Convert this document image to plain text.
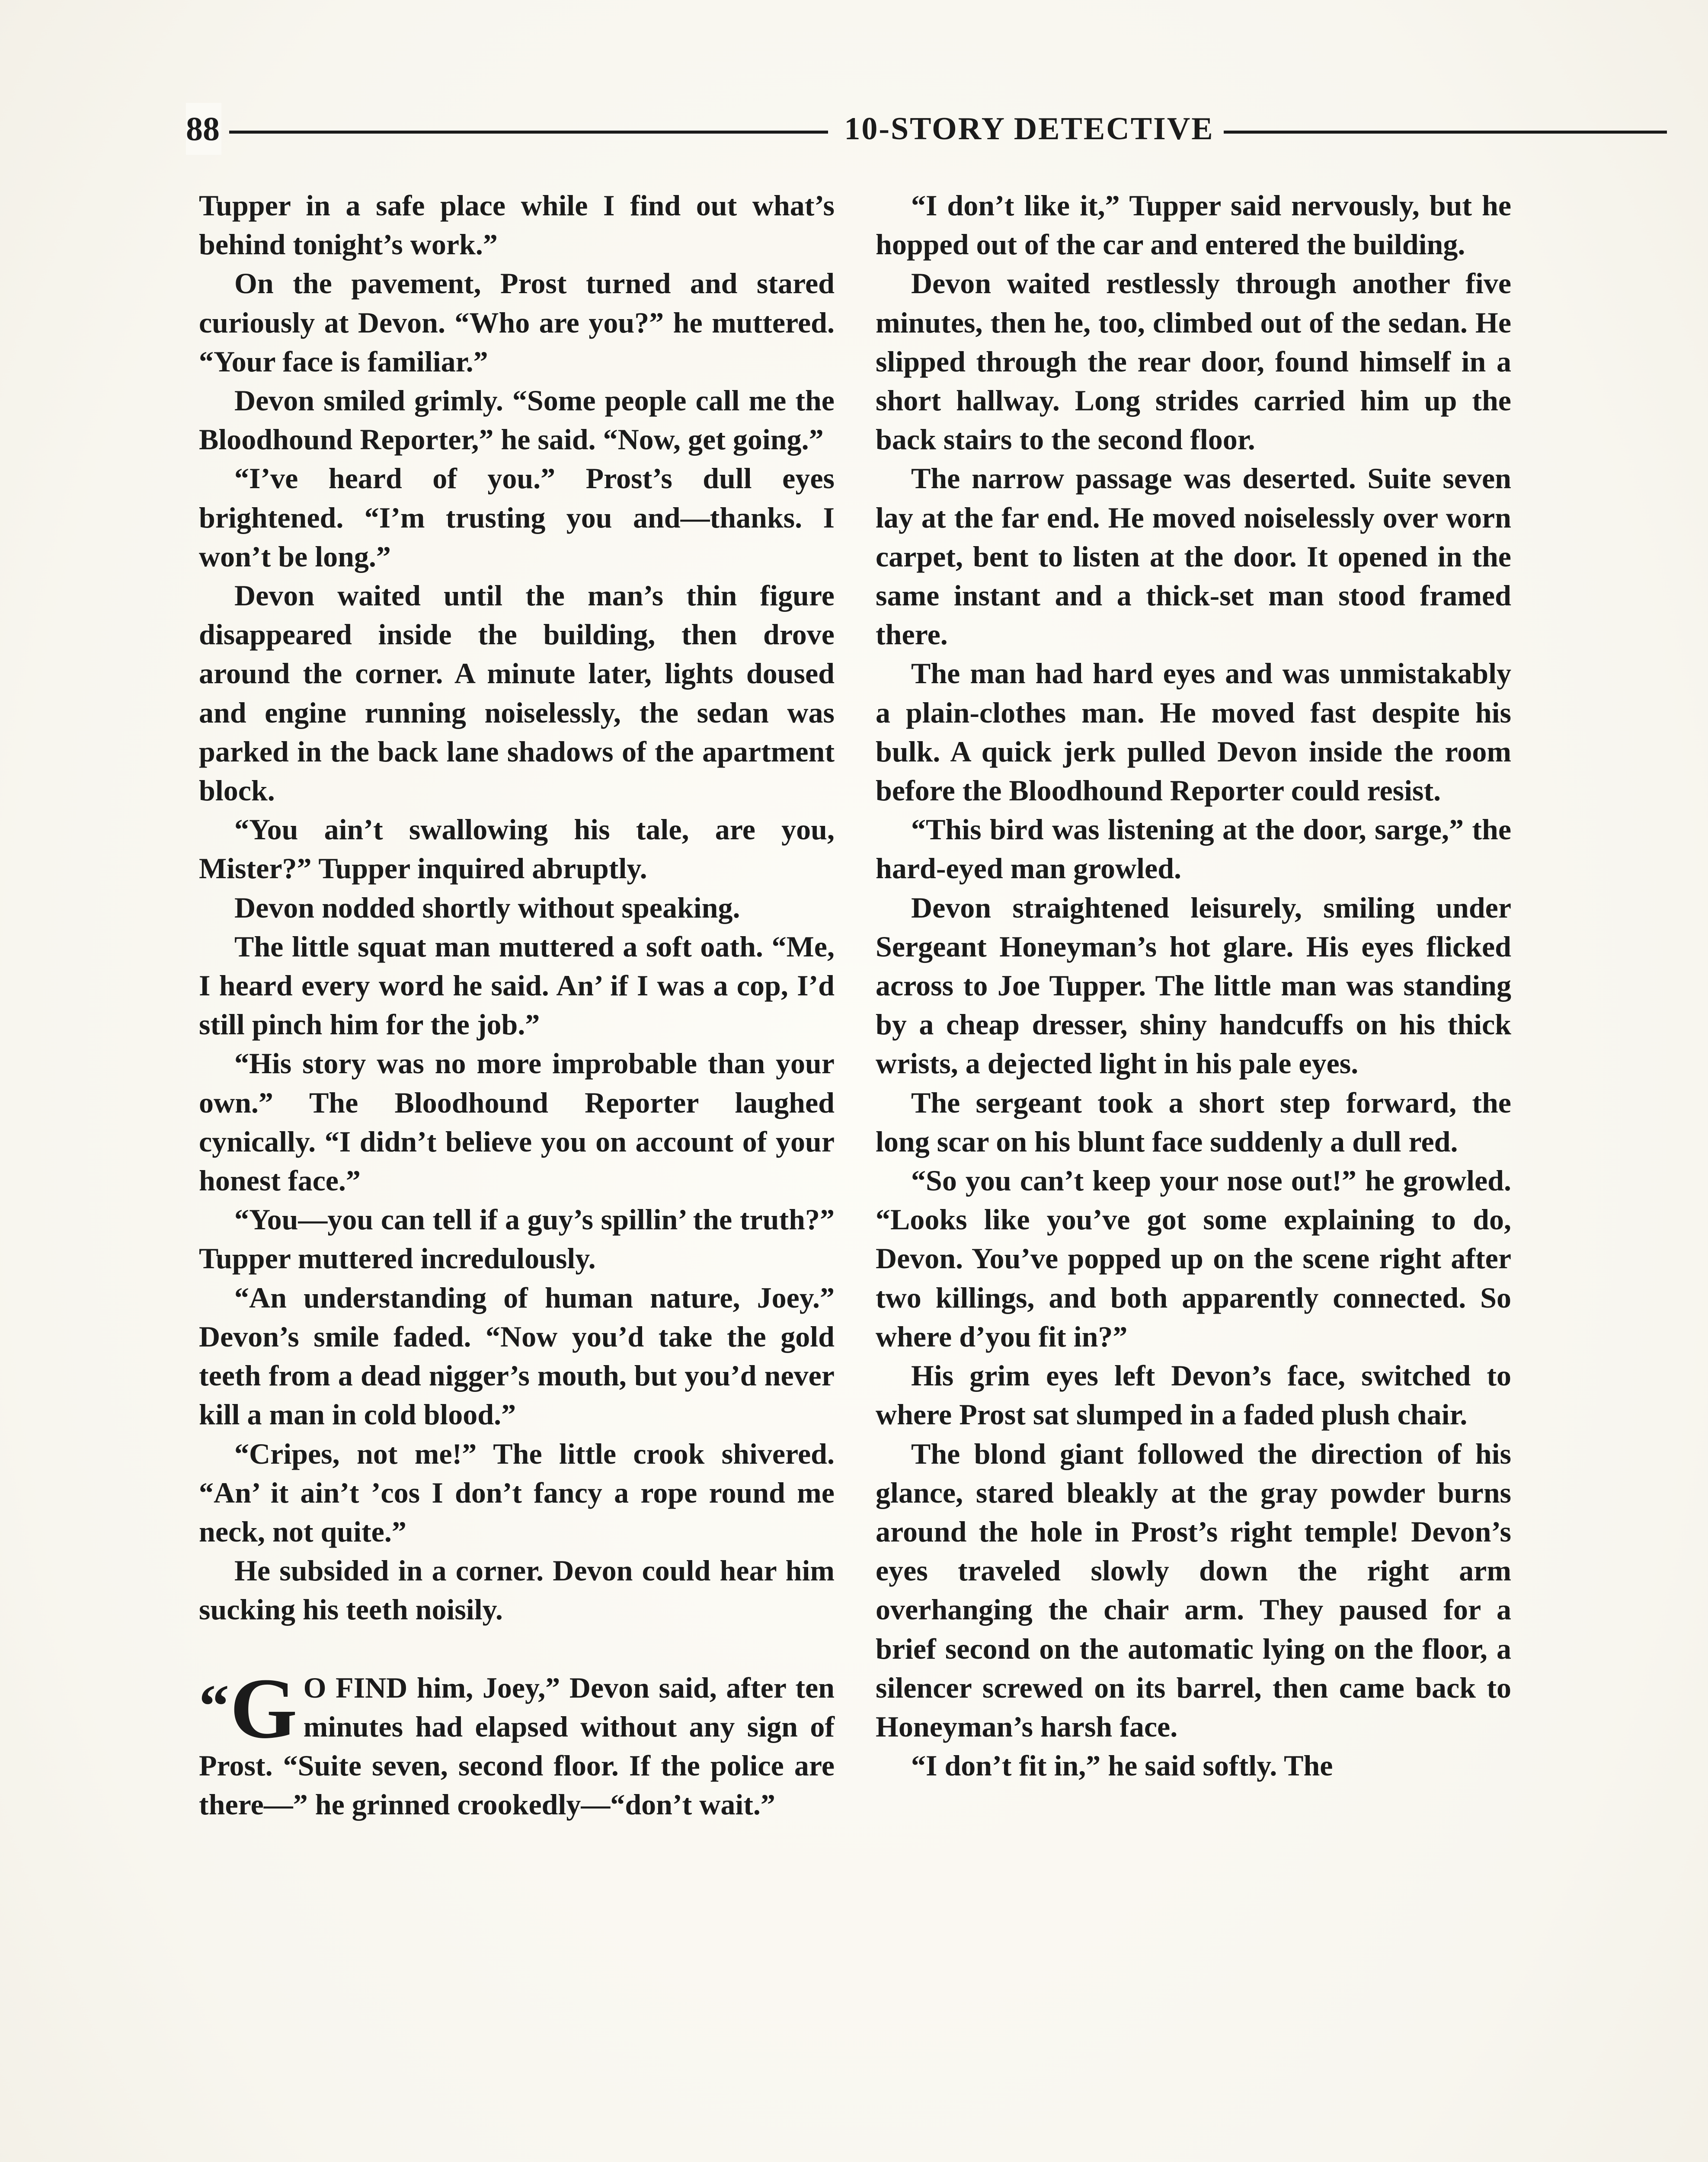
88	10-STORY DETECTIVE

Tupper in a safe place while I find out what’s behind tonight’s work.”

On the pavement, Prost turned and stared curiously at Devon. “Who are you?” he muttered. “Your face is familiar.”

Devon smiled grimly. “Some people call me the Bloodhound Reporter,” he said. “Now, get going.”

“I’ve heard of you.” Prost’s dull eyes brightened. “I’m trusting you and—thanks. I won’t be long.”

Devon waited until the man’s thin figure disappeared inside the building, then drove around the corner. A minute later, lights doused and engine running noiselessly, the sedan was parked in the back lane shadows of the apartment block.

“You ain’t swallowing his tale, are you, Mister?” Tupper inquired abruptly.

Devon nodded shortly without speaking.

The little squat man muttered a soft oath. “Me, I heard every word he said. An’ if I was a cop, I’d still pinch him for the job.”

“His story was no more improbable than your own.” The Bloodhound Reporter laughed cynically. “I didn’t believe you on account of your honest face.”

“You—you can tell if a guy’s spillin’ the truth?” Tupper muttered incredulously.

“An understanding of human nature, Joey.” Devon’s smile faded. “Now you’d take the gold teeth from a dead nigger’s mouth, but you’d never kill a man in cold blood.”

“Cripes, not me!” The little crook shivered. “An’ it ain’t ’cos I don’t fancy a rope round me neck, not quite.”

He subsided in a corner. Devon could hear him sucking his teeth noisily.

“G O FIND him, Joey,” Devon said, after ten minutes had elapsed without any sign of Prost. “Suite seven, second floor. If the police are there—” he grinned crookedly—“don’t wait.”

“I don’t like it,” Tupper said nervously, but he hopped out of the car and entered the building.

Devon waited restlessly through another five minutes, then he, too, climbed out of the sedan. He slipped through the rear door, found himself in a short hallway. Long strides carried him up the back stairs to the second floor.

The narrow passage was deserted. Suite seven lay at the far end. He moved noiselessly over worn carpet, bent to listen at the door. It opened in the same instant and a thick-set man stood framed there.

The man had hard eyes and was unmistakably a plain-clothes man. He moved fast despite his bulk. A quick jerk pulled Devon inside the room before the Bloodhound Reporter could resist.

“This bird was listening at the door, sarge,” the hard-eyed man growled.

Devon straightened leisurely, smiling under Sergeant Honeyman’s hot glare. His eyes flicked across to Joe Tupper. The little man was standing by a cheap dresser, shiny handcuffs on his thick wrists, a dejected light in his pale eyes.

The sergeant took a short step forward, the long scar on his blunt face suddenly a dull red.

“So you can’t keep your nose out!” he growled. “Looks like you’ve got some explaining to do, Devon. You’ve popped up on the scene right after two killings, and both apparently connected. So where d’you fit in?”

His grim eyes left Devon’s face, switched to where Prost sat slumped in a faded plush chair.

The blond giant followed the direction of his glance, stared bleakly at the gray powder burns around the hole in Prost’s right temple! Devon’s eyes traveled slowly down the right arm overhanging the chair arm. They paused for a brief second on the automatic lying on the floor, a silencer screwed on its barrel, then came back to Honeyman’s harsh face.

“I don’t fit in,” he said softly. The
